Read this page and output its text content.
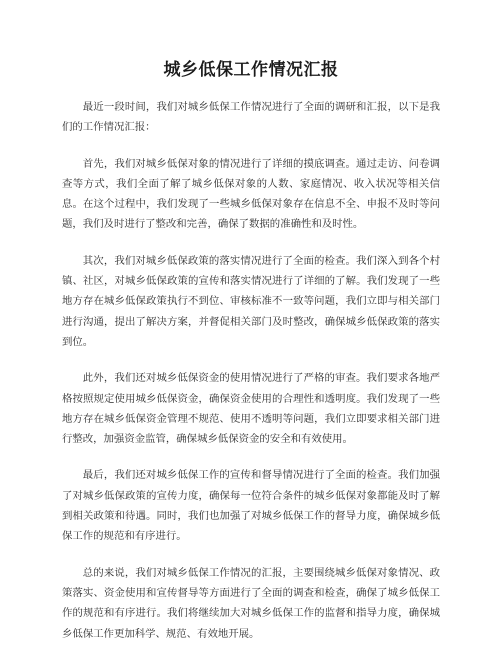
城乡低保工作情况汇报

最近一段时间，我们对城乡低保工作情况进行了全面的调研和汇报，以下是我们的工作情况汇报：

首先，我们对城乡低保对象的情况进行了详细的摸底调查。通过走访、问卷调查等方式，我们全面了解了城乡低保对象的人数、家庭情况、收入状况等相关信息。在这个过程中，我们发现了一些城乡低保对象存在信息不全、申报不及时等问题，我们及时进行了整改和完善，确保了数据的准确性和及时性。

其次，我们对城乡低保政策的落实情况进行了全面的检查。我们深入到各个村镇、社区，对城乡低保政策的宣传和落实情况进行了详细的了解。我们发现了一些地方存在城乡低保政策执行不到位、审核标准不一致等问题，我们立即与相关部门进行沟通，提出了解决方案，并督促相关部门及时整改，确保城乡低保政策的落实到位。

此外，我们还对城乡低保资金的使用情况进行了严格的审查。我们要求各地严格按照规定使用城乡低保资金，确保资金使用的合理性和透明度。我们发现了一些地方存在城乡低保资金管理不规范、使用不透明等问题，我们立即要求相关部门进行整改，加强资金监管，确保城乡低保资金的安全和有效使用。

最后，我们还对城乡低保工作的宣传和督导情况进行了全面的检查。我们加强了对城乡低保政策的宣传力度，确保每一位符合条件的城乡低保对象都能及时了解到相关政策和待遇。同时，我们也加强了对城乡低保工作的督导力度，确保城乡低保工作的规范和有序进行。

总的来说，我们对城乡低保工作情况的汇报，主要围绕城乡低保对象情况、政策落实、资金使用和宣传督导等方面进行了全面的调查和检查，确保了城乡低保工作的规范和有序进行。我们将继续加大对城乡低保工作的监督和指导力度，确保城乡低保工作更加科学、规范、有效地开展。
